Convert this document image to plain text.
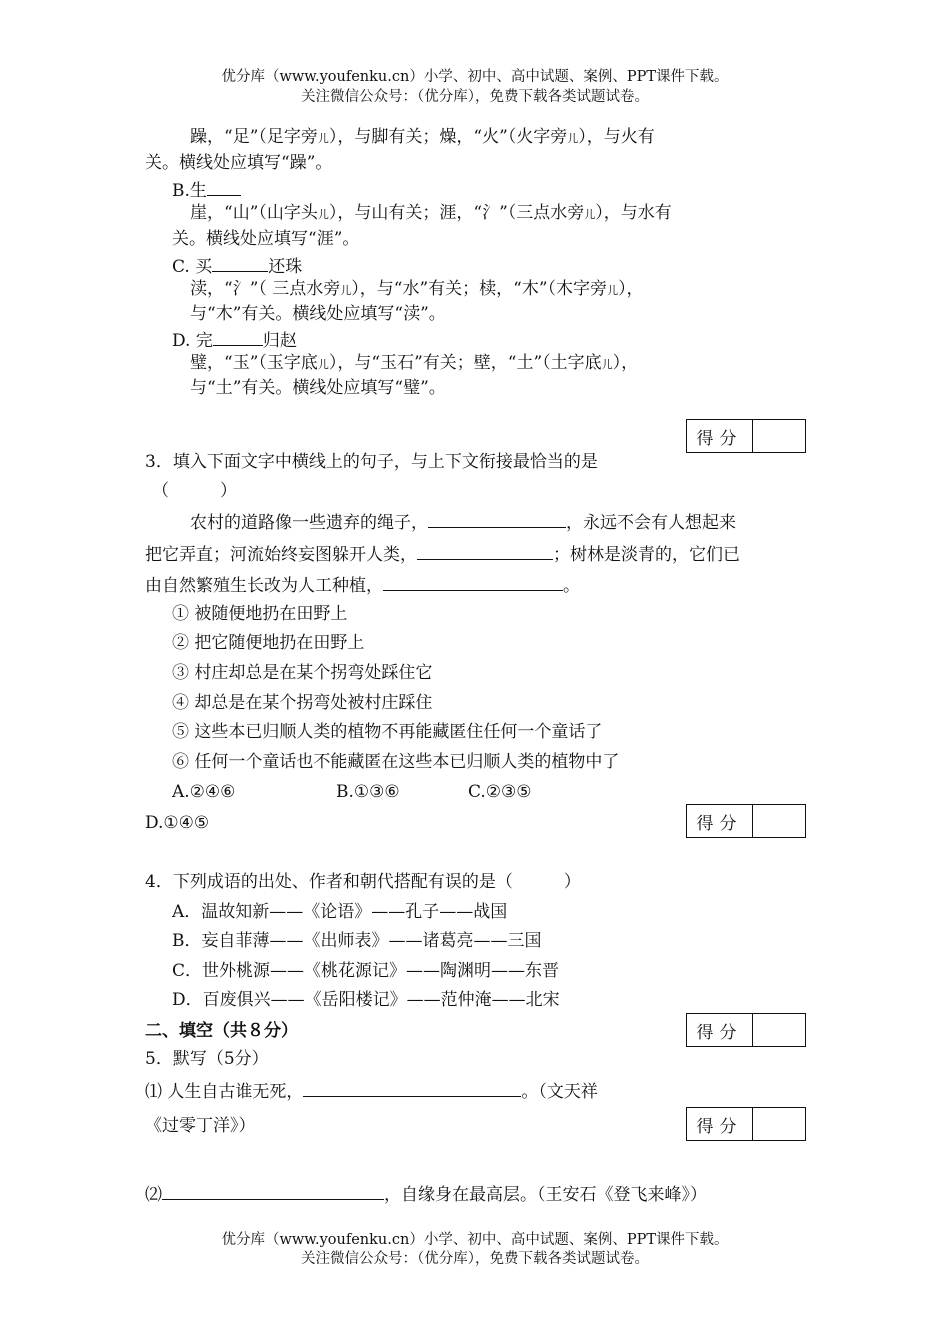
优分库（www.youfenku.cn）小学、初中、高中试题、案例、PPT课件下载。
关注微信公众号：（优分库），免费下载各类试题试卷。
躁，“足”（足字旁儿），与脚有关；燥，“火”（火字旁儿），与火有
关。横线处应填写“躁”。
B.生
崖，“山”（山字头儿），与山有关；涯，“氵”（三点水旁儿），与水有
关。横线处应填写“涯”。
C. 买	还珠
渎，“氵”（ 三点水旁儿），与“水”有关；椟，“木”（木字旁儿），
与“木”有关。横线处应填写“渎”。
D. 完	归赵
璧，“玉”（玉字底儿），与“玉石”有关；壁，“土”（土字底儿），
与“土”有关。横线处应填写“璧”。
得分
3．填入下面文字中横线上的句子，与上下文衔接最恰当的是
（　　　）
农村的道路像一些遗弃的绳子，	，永远不会有人想起来
把它弄直；河流始终妄图躲开人类，	；树林是淡青的，它们已
由自然繁殖生长改为人工种植，	。
① 被随便地扔在田野上
② 把它随便地扔在田野上
③ 村庄却总是在某个拐弯处踩住它
④ 却总是在某个拐弯处被村庄踩住
⑤ 这些本已归顺人类的植物不再能藏匿住任何一个童话了
⑥ 任何一个童话也不能藏匿在这些本已归顺人类的植物中了
A.②④⑥	B.①③⑥	C.②③⑤
D.①④⑤	得分
4．下列成语的出处、作者和朝代搭配有误的是（　　　）
A．温故知新——《论语》——孔子——战国
B．妄自菲薄——《出师表》——诸葛亮——三国
C．世外桃源——《桃花源记》——陶渊明——东晋
D．百废俱兴——《岳阳楼记》——范仲淹——北宋
二、填空（共８分）	得分
5．默写（5分）
⑴ 人生自古谁无死，	。（文天祥
《过零丁洋》）	得分
⑵	，自缘身在最高层。（王安石《登飞来峰》）
优分库（www.youfenku.cn）小学、初中、高中试题、案例、PPT课件下载。
关注微信公众号：（优分库），免费下载各类试题试卷。
